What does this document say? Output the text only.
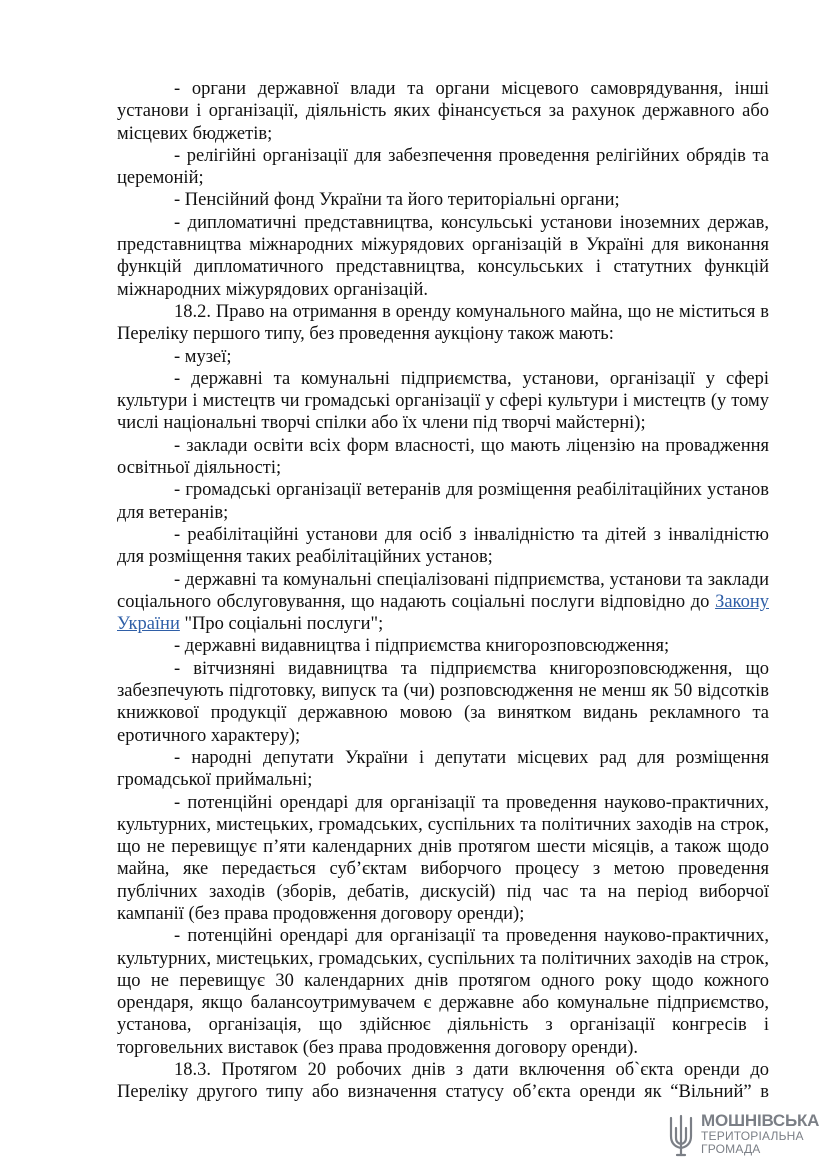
- органи державної влади та органи місцевого самоврядування, інші установи і організації, діяльність яких фінансується за рахунок державного або місцевих бюджетів;

- релігійні організації для забезпечення проведення релігійних обрядів та церемоній;

- Пенсійний фонд України та його територіальні органи;

- дипломатичні представництва, консульські установи іноземних держав, представництва міжнародних міжурядових організацій в Україні для виконання функцій дипломатичного представництва, консульських і статутних функцій міжнародних міжурядових організацій.

18.2. Право на отримання в оренду комунального майна, що не міститься в Переліку першого типу, без проведення аукціону також мають:

- музеї;

- державні та комунальні підприємства, установи, організації у сфері культури і мистецтв чи громадські організації у сфері культури і мистецтв (у тому числі національні творчі спілки або їх члени під творчі майстерні);

- заклади освіти всіх форм власності, що мають ліцензію на провадження освітньої діяльності;

- громадські організації ветеранів для розміщення реабілітаційних установ для ветеранів;

- реабілітаційні установи для осіб з інвалідністю та дітей з інвалідністю для розміщення таких реабілітаційних установ;

- державні та комунальні спеціалізовані підприємства, установи та заклади соціального обслуговування, що надають соціальні послуги відповідно до Закону України "Про соціальні послуги";

- державні видавництва і підприємства книгорозповсюдження;

- вітчизняні видавництва та підприємства книгорозповсюдження, що забезпечують підготовку, випуск та (чи) розповсюдження не менш як 50 відсотків книжкової продукції державною мовою (за винятком видань рекламного та еротичного характеру);

- народні депутати України і депутати місцевих рад для розміщення громадської приймальні;

- потенційні орендарі для організації та проведення науково-практичних, культурних, мистецьких, громадських, суспільних та політичних заходів на строк, що не перевищує п’яти календарних днів протягом шести місяців, а також щодо майна, яке передається суб’єктам виборчого процесу з метою проведення публічних заходів (зборів, дебатів, дискусій) під час та на період виборчої кампанії (без права продовження договору оренди);

- потенційні орендарі для організації та проведення науково-практичних, культурних, мистецьких, громадських, суспільних та політичних заходів на строк, що не перевищує 30 календарних днів протягом одного року щодо кожного орендаря, якщо балансоутримувачем є державне або комунальне підприємство, установа, організація, що здійснює діяльність з організації конгресів і торговельних виставок (без права продовження договору оренди).

18.3. Протягом 20 робочих днів з дати включення об`єкта оренди до Переліку другого типу або визначення статусу об’єкта оренди як “Вільний” в

МОШНІВСЬКА
ТЕРИТОРІАЛЬНА
ГРОМАДА
